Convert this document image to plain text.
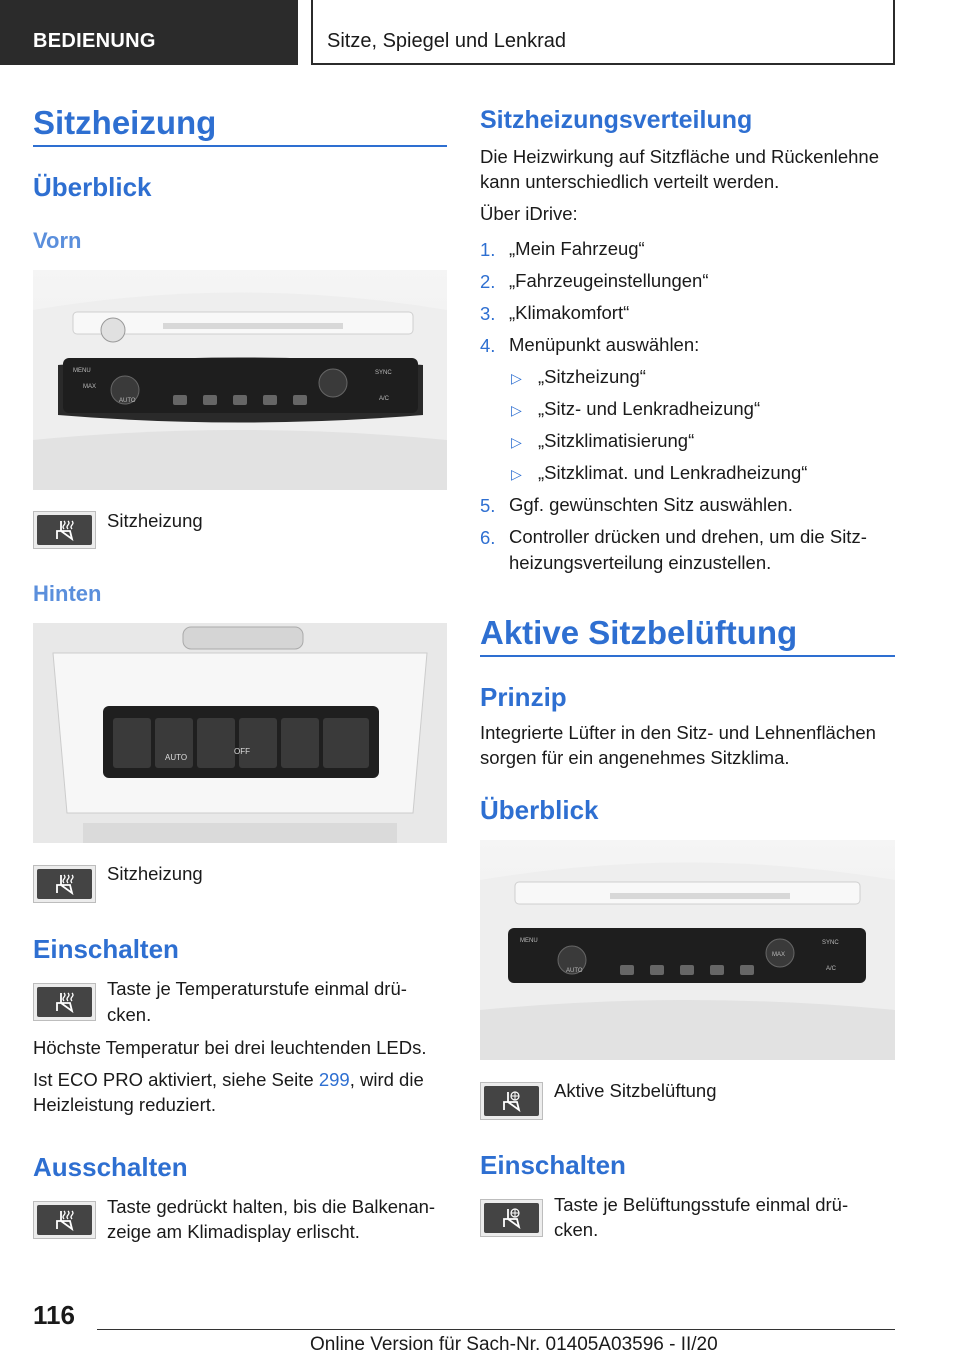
BEDIENUNG	Sitze, Spiegel und Lenkrad
Sitzheizung
Überblick
Vorn
MENU
MAX
AUTO
SYNC
A/C
Sitzheizung
Hinten
AUTO
OFF
Sitzheizung
Einschalten
Taste je Temperaturstufe einmal drü-
cken.
Höchste Temperatur bei drei leuchtenden LEDs.
Ist ECO PRO aktiviert, siehe Seite 299, wird die
Heizleistung reduziert.
Ausschalten
Taste gedrückt halten, bis die Balkenan-
zeige am Klimadisplay erlischt.
Sitzheizungsverteilung
Die Heizwirkung auf Sitzfläche und Rückenlehne
kann unterschiedlich verteilt werden.
Über iDrive:
1. „Mein Fahrzeug“
2. „Fahrzeugeinstellungen“
3. „Klimakomfort“
4. Menüpunkt auswählen:
▷ „Sitzheizung“
▷ „Sitz- und Lenkradheizung“
▷ „Sitzklimatisierung“
▷ „Sitzklimat. und Lenkradheizung“
5. Ggf. gewünschten Sitz auswählen.
6. Controller drücken und drehen, um die Sitz-
heizungsverteilung einzustellen.
Aktive Sitzbelüftung
Prinzip
Integrierte Lüfter in den Sitz- und Lehnenflächen
sorgen für ein angenehmes Sitzklima.
Überblick
MENU
AUTO
SYNC
MAX
A/C
Aktive Sitzbelüftung
Einschalten
Taste je Belüftungsstufe einmal drü-
cken.
116
Online Version für Sach-Nr. 01405A03596 - II/20
